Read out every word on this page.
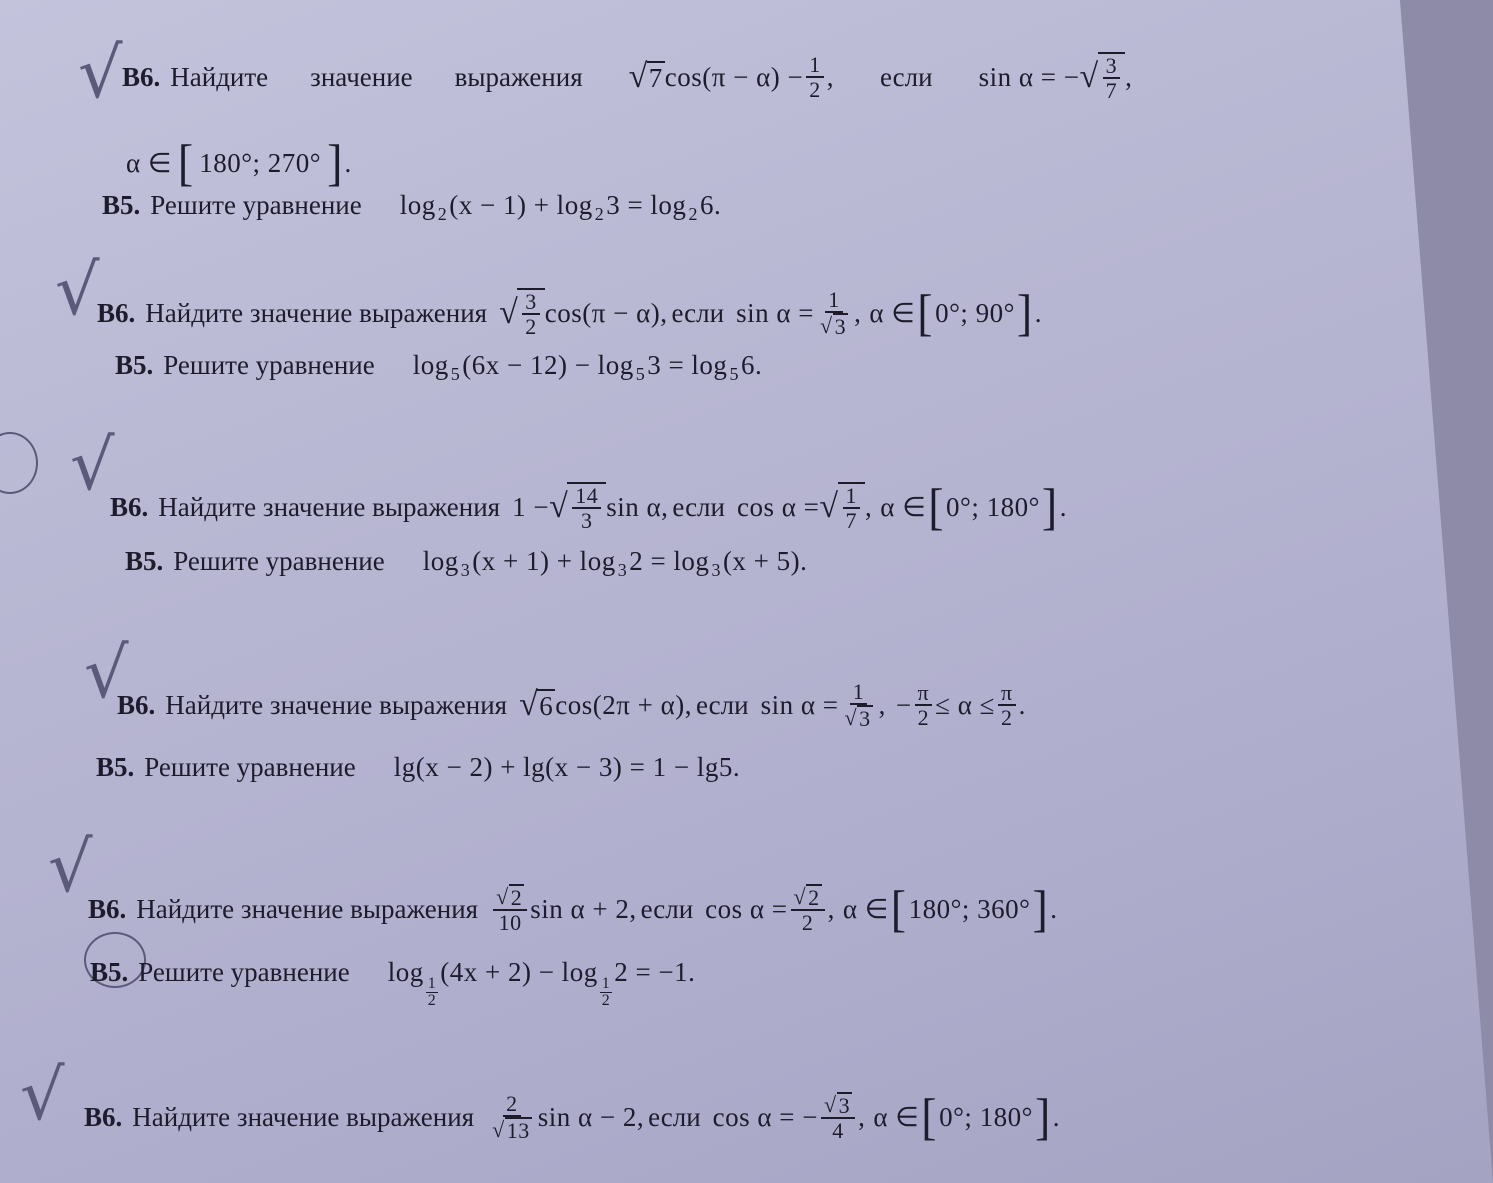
√ В6. Найдите значение выражения √ 7 $\cos(\pi - \alpha) - \frac{1}{2}$ , если sin α = − √ $\frac{3}{7}$ ,
α ∈ [ 180°; 270° ] .
В5. Решите уравнение log 2 (x − 1) + log 2 3 = log 2 6.
√
В6. Найдите значение выражения √ $\frac{3}{2} \cos(\pi - \alpha)$, если $\sin \alpha = \frac{1}{√ 3}$ , α ∈ [ 0°; 90° ] .
В5. Решите уравнение log 5 (6x − 12) − log 5 3 = log 5 6.
√
В6. Найдите значение выражения 1 − √ $\frac{14}{3}$ sin α, если cos α = √ $\frac{1}{7}$ , α ∈ [ 0°; 180° ] .
В5. Решите уравнение log 3 (x + 1) + log 3 2 = log 3 (x + 5).
√
В6. Найдите значение выражения √ 6 cos(2π + α), если $\sin \alpha = \frac{1}{√ 3}$ , − $\frac{\pi}{2} \le \alpha \le \frac{\pi}{2}$ .
В5. Решите уравнение lg(x − 2) + lg(x − 3) = 1 − lg5.
√
В6. Найдите значение выражения $\frac{√ 2}{10}$ sin α + 2, если $\cos \alpha = \frac{√ 2}{2}$ , α ∈ [ 180°; 360° ] .
В5. Решите уравнение log 1
2
(4x + 2) − log 1
2
2 = −1.
√ В6. Найдите значение выражения $\frac{2}{√ 13}$ sin α − 2, если cos α = − $\frac{√ 3}{4}$ , α ∈ [ 0°; 180° ] .
